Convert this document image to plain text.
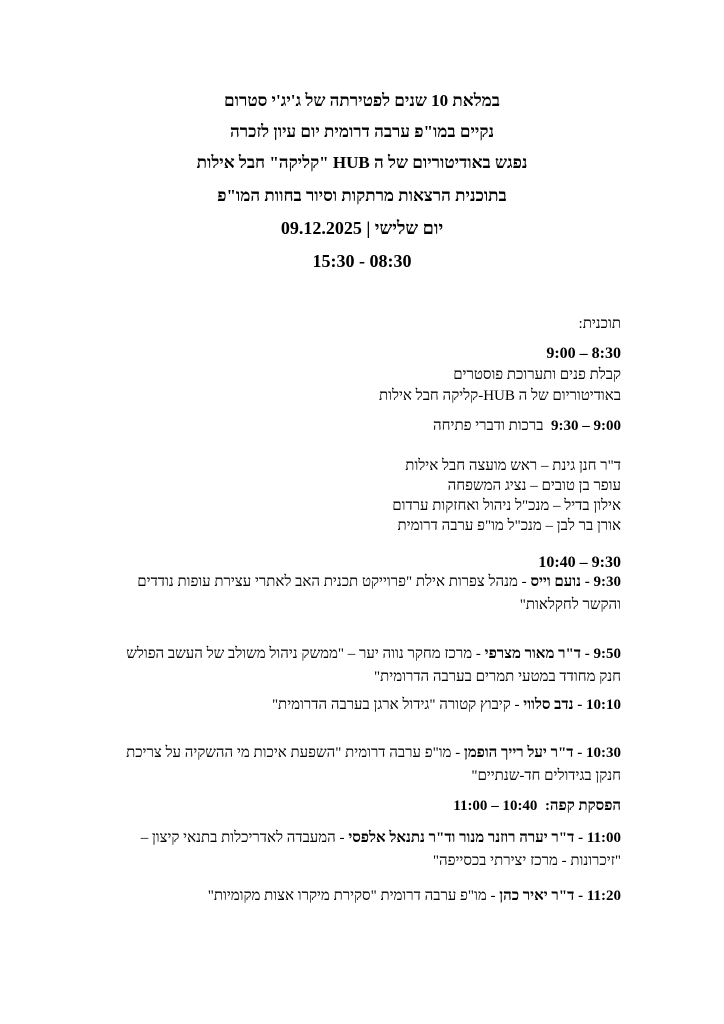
במלאת 10 שנים לפטירתה של ג'יג'י סטרום
נקיים במו"פ ערבה דרומית יום עיון לזכרה
נפגש באודיטוריום של ה HUB "קליקה" חבל אילות
בתוכנית הרצאות מרתקות וסיור בחוות המו"פ
יום שלישי | 09.12.2025
08:30 - 15:30
תוכנית:
8:30 – 9:00
קבלת פנים ותערוכת פוסטרים
באודיטוריום של ה HUB-קליקה חבל אילות
9:00 – 9:30  ברכות ודברי פתיחה
ד"ר חנן גינת – ראש מועצה חבל אילות
עופר בן טובים – נציג המשפחה
אילון בדיל – מנכ"ל ניהול ואחזקות ערדום
אורן בר לבן – מנכ"ל מו"פ ערבה דרומית
9:30 – 10:40
9:30 - נועם וייס - מנהל צפרות אילת "פרוייקט תכנית האב לאתרי עצירת עופות נודדים והקשר לחקלאות"
9:50 - ד"ר מאור מצרפי - מרכז מחקר נווה יער – "ממשק ניהול משולב של העשב הפולש חנק מחודד במטעי תמרים בערבה הדרומית"
10:10 - נדב סלווי - קיבוץ קטורה "גידול ארגן בערבה הדרומית"
10:30 - ד"ר יעל רייך הופמן - מו"פ ערבה דרומית "השפעת איכות מי ההשקיה על צריכת חנקן בגידולים חד-שנתיים"
הפסקת קפה:  10:40 – 11:00
11:00 - ד"ר יערה רוזנר מנור וד"ר נתנאל אלפסי - המעבדה לאדריכלות בתנאי קיצון – "זיכרונות - מרכז יצירתי בכסייפה"
11:20 - ד"ר יאיר כהן - מו"פ ערבה דרומית "סקירת מיקרו אצות מקומיות"
